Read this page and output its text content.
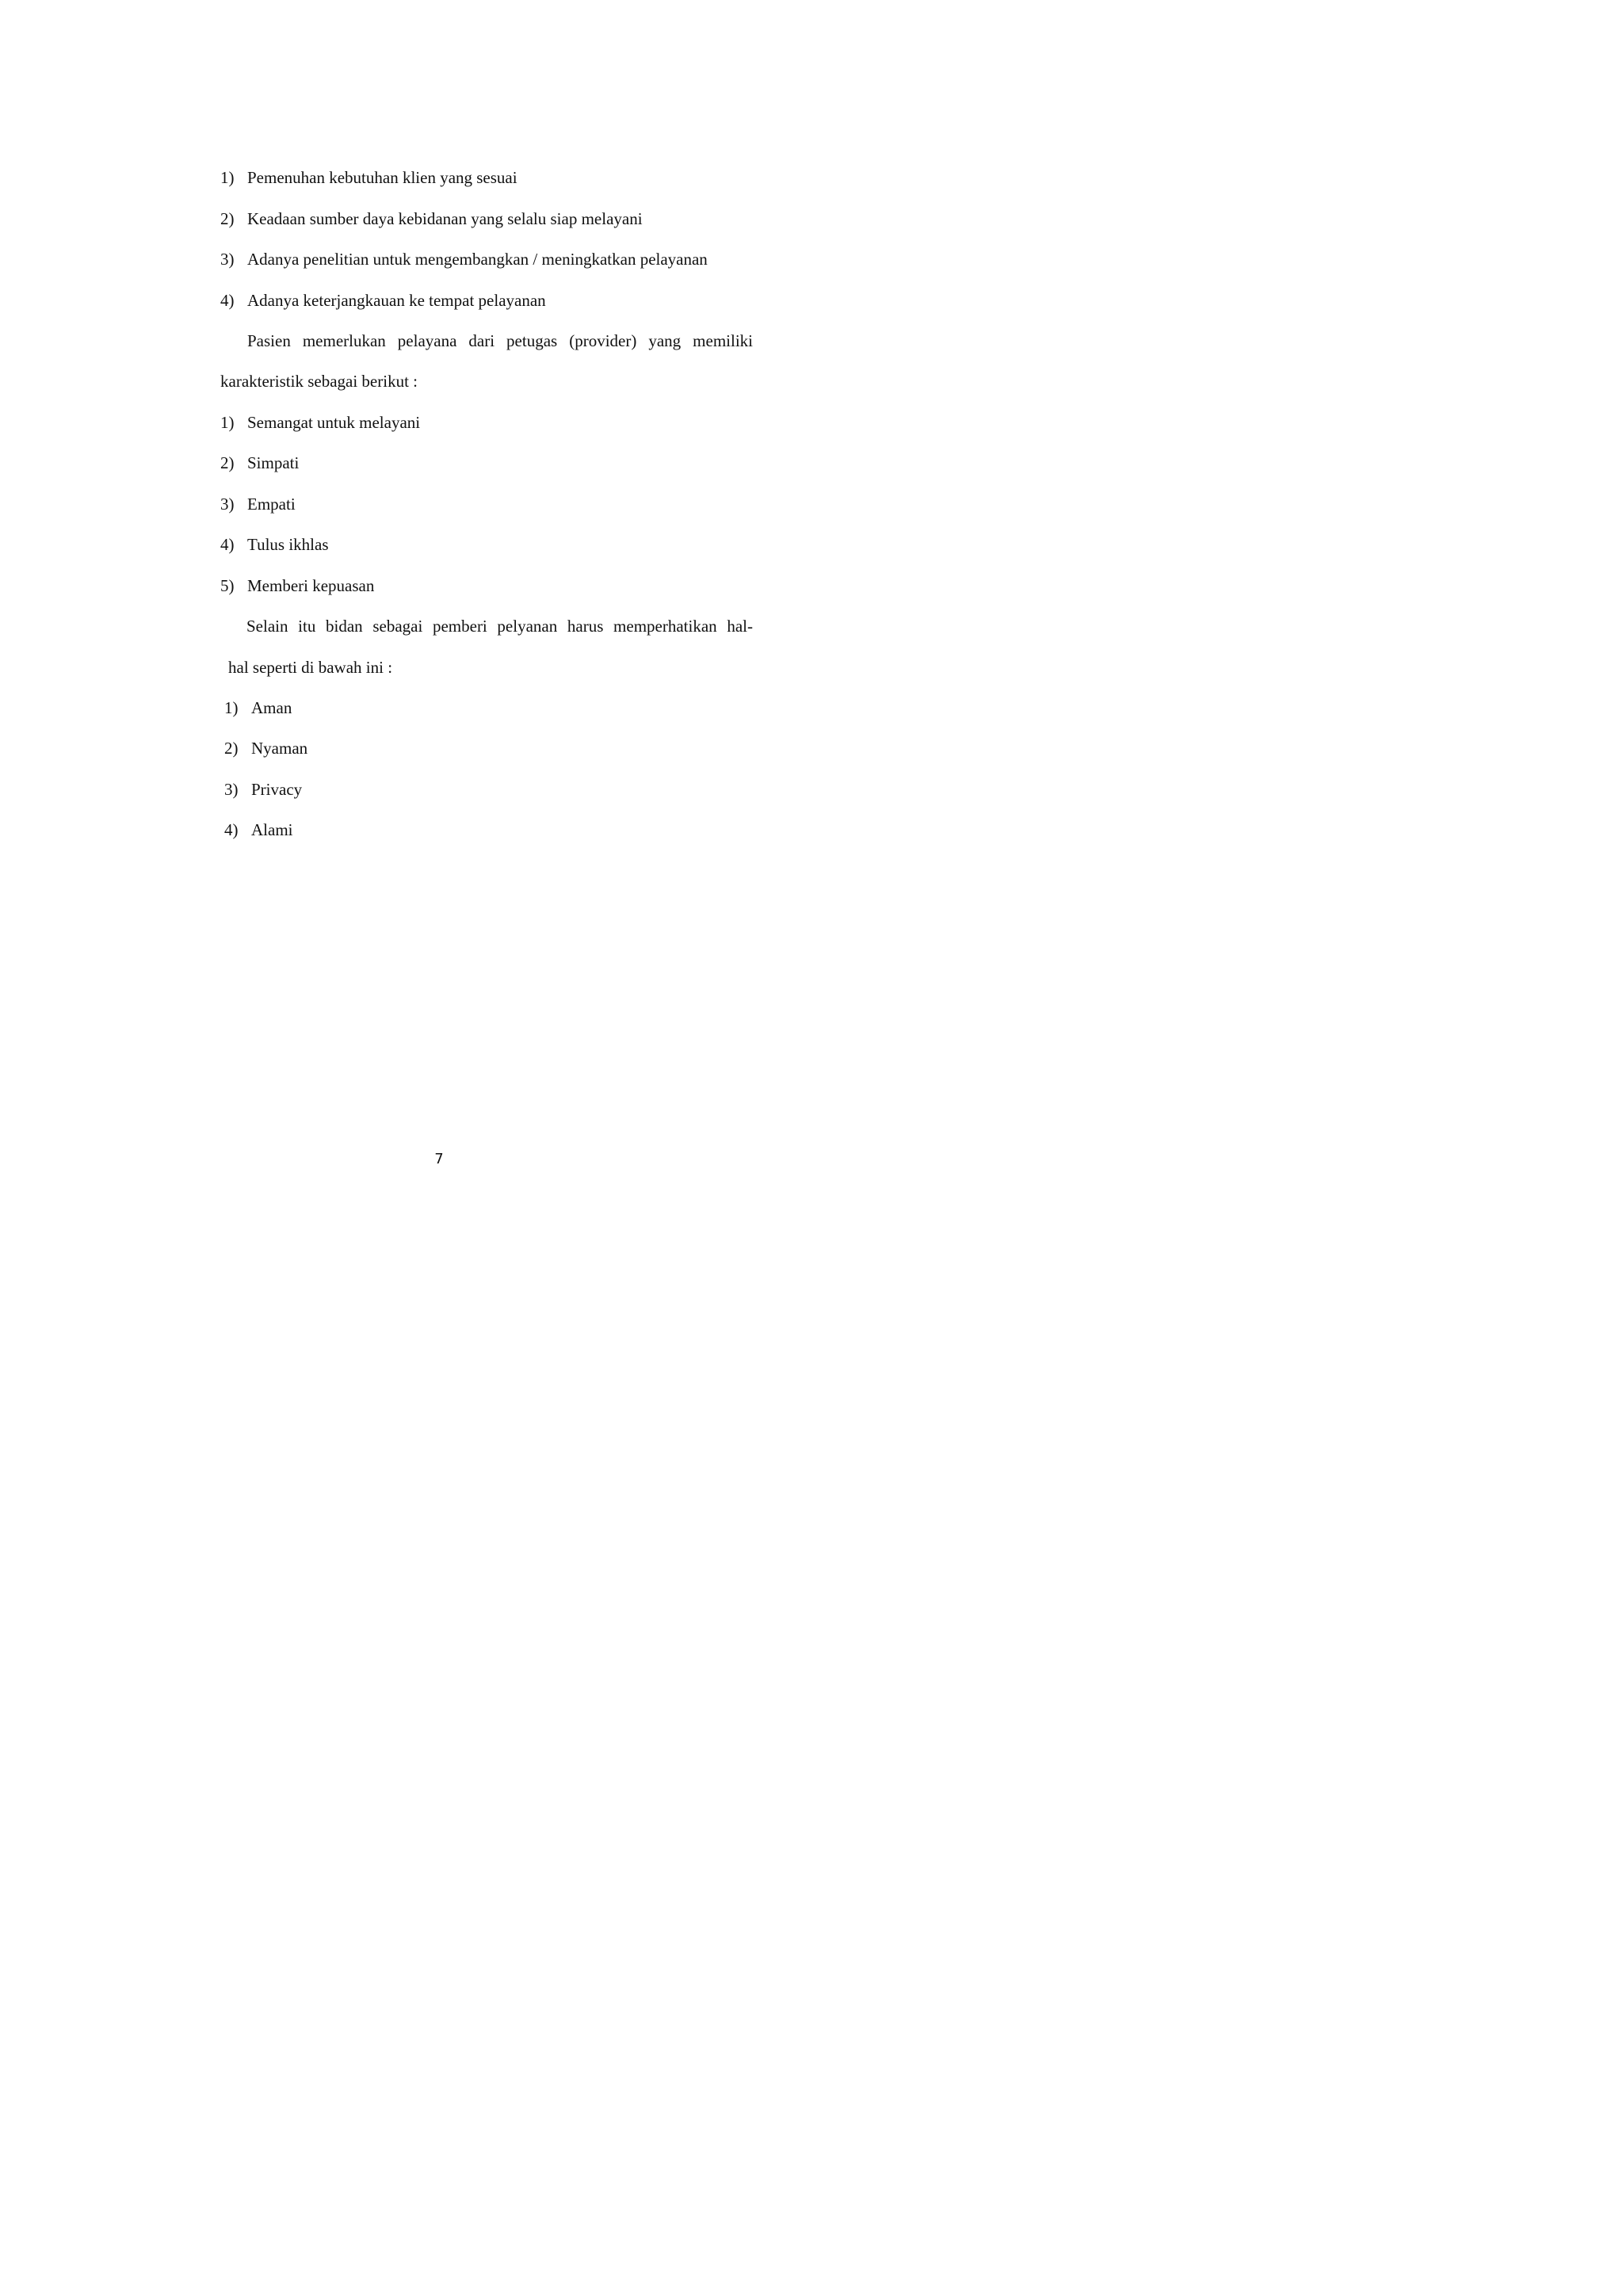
1) Pemenuhan kebutuhan klien yang sesuai
2) Keadaan sumber daya kebidanan yang selalu siap melayani
3) Adanya penelitian untuk mengembangkan / meningkatkan pelayanan
4) Adanya keterjangkauan ke tempat pelayanan
Pasien memerlukan pelayana dari petugas (provider) yang memiliki
karakteristik sebagai berikut :
1) Semangat untuk melayani
2) Simpati
3) Empati
4) Tulus ikhlas
5) Memberi kepuasan
Selain itu bidan sebagai pemberi pelyanan harus memperhatikan hal-
hal seperti di bawah ini :
1) Aman
2) Nyaman
3) Privacy
4) Alami
7
